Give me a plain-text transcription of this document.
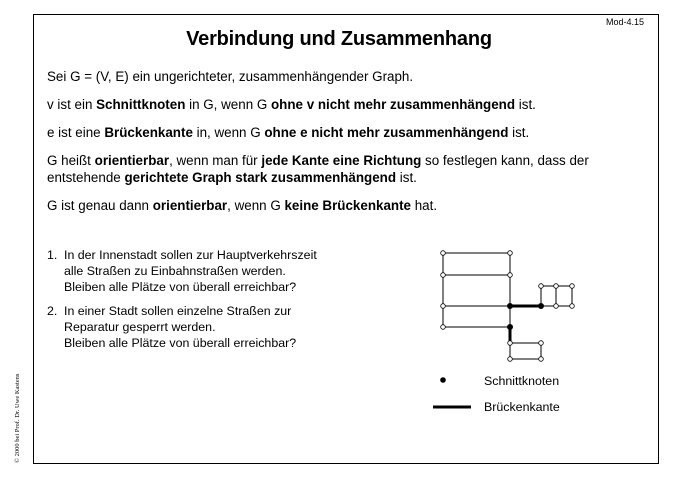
Mod-4.15
Verbindung und Zusammenhang
Sei G = (V, E) ein ungerichteter, zusammenhängender Graph.
v ist ein Schnittknoten in G, wenn G ohne v nicht mehr zusammenhängend ist.
e ist eine Brückenkante in, wenn G ohne e nicht mehr zusammenhängend ist.
G heißt orientierbar, wenn man für jede Kante eine Richtung so festlegen kann, dass der
entstehende gerichtete Graph stark zusammenhängend ist.
G ist genau dann orientierbar, wenn G keine Brückenkante hat.
1. In der Innenstadt sollen zur Hauptverkehrszeit
alle Straßen zu Einbahnstraßen werden.
Bleiben alle Plätze von überall erreichbar?
2. In einer Stadt sollen einzelne Straßen zur
Reparatur gesperrt werden.
Bleiben alle Plätze von überall erreichbar?
Schnittknoten
Brückenkante
© 2000 bei Prof. Dr. Uwe Kastens
